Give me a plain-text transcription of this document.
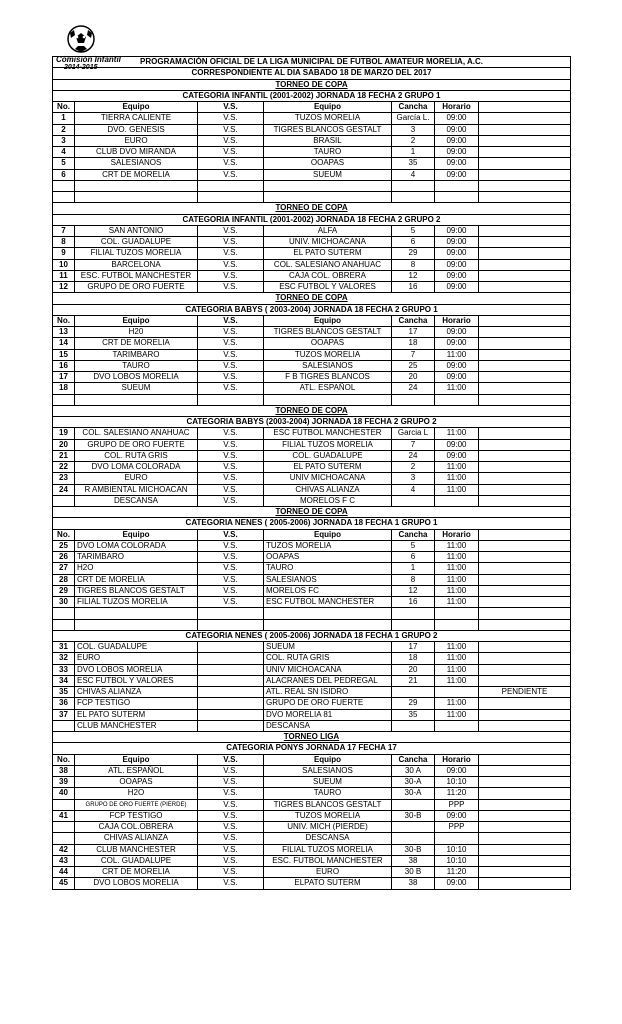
Comisión Infantil
2014-2015
PROGRAMACIÓN OFICIAL DE LA LIGA MUNICIPAL DE FUTBOL AMATEUR MORELIA, A.C.						
CORRESPONDIENTE AL DIA SABADO 18 DE MARZO DEL 2017						
TORNEO DE COPA						
CATEGORIA INFANTIL (2001-2002) JORNADA 18 FECHA 2 GRUPO 1						
No.	Equipo	V.S.	Equipo	Cancha	Horario	
1	TIERRA CALIENTE	V.S.	TUZOS MORELIA	García L.	09:00	
2	DVO. GENESIS	V.S.	TIGRES BLANCOS GESTALT	3	09:00	
3	EURO	V.S.	BRASIL	2	09:00	
4	CLUB DVO MIRANDA	V.S.	TAURO	1	09:00	
5	SALESIANOS	V.S.	OOAPAS	35	09:00	
6	CRT DE MORELIA	V.S.	SUEUM	4	09:00	

TORNEO DE COPA						
CATEGORIA INFANTIL (2001-2002) JORNADA 18 FECHA 2 GRUPO 2						
7	SAN ANTONIO	V.S.	ALFA	5	09:00	
8	COL. GUADALUPE	V.S.	UNIV. MICHOACANA	6	09:00	
9	FILIAL TUZOS MORELIA	V.S.	EL PATO SUTERM	29	09:00	
10	BARCELONA	V.S.	COL. SALESIANO ANAHUAC	8	09:00	
11	ESC. FUTBOL MANCHESTER	V.S.	CAJA COL. OBRERA	12	09:00	
12	GRUPO DE ORO FUERTE	V.S.	ESC FUTBOL Y VALORES	16	09:00	
TORNEO DE COPA						
CATEGORIA BABYS ( 2003-2004) JORNADA 18 FECHA 2 GRUPO 1						
No.	Equipo	V.S.	Equipo	Cancha	Horario	
13	H20	V.S.	TIGRES BLANCOS GESTALT	17	09:00	
14	CRT DE MORELIA	V.S.	OOAPAS	18	09:00	
15	TARIMBARO	V.S.	TUZOS MORELIA	7	11:00	
16	TAURO	V.S.	SALESIANOS	25	09:00	
17	DVO LOBOS MORELIA	V.S.	F B TIGRES BLANCOS	20	09:00	
18	SUEUM	V.S.	ATL. ESPAÑOL	24	11:00	

TORNEO DE COPA						
CATEGORIA BABYS (2003-2004) JORNADA 18 FECHA 2 GRUPO 2						
19	COL. SALESIANO ANAHUAC	V.S.	ESC FUTBOL MANCHESTER	Garcia L	11:00	
20	GRUPO DE ORO FUERTE	V.S.	FILIAL TUZOS MORELIA	7	09:00	
21	COL. RUTA GRIS	V.S.	COL. GUADALUPE	24	09:00	
22	DVO LOMA COLORADA	V.S.	EL PATO SUTERM	2	11:00	
23	EURO	V.S.	UNIV MICHOACANA	3	11:00	
24	R AMBIENTAL MICHOACAN	V.S.	CHIVAS ALIANZA	4	11:00	
	DESCANSA	V.S.	MORELOS F C			
TORNEO DE COPA						
CATEGORIA NENES ( 2005-2006) JORNADA 18 FECHA 1 GRUPO 1						
No.	Equipo	V.S.	Equipo	Cancha	Horario	
25	DVO LOMA COLORADA	V.S.	TUZOS MORELIA	5	11:00	
26	TARIMBARO	V.S.	OOAPAS	6	11:00	
27	H2O	V.S.	TAURO	1	11:00	
28	CRT DE MORELIA	V.S.	SALESIANOS	8	11:00	
29	TIGRES BLANCOS GESTALT	V.S.	MORELOS FC	12	11:00	
30	FILIAL TUZOS MORELIA	V.S.	ESC FUTBOL MANCHESTER	16	11:00	

CATEGORIA NENES ( 2005-2006) JORNADA 18 FECHA 1 GRUPO 2						
31	COL. GUADALUPE		SUEUM	17	11:00	
32	EURO		COL. RUTA GRIS	18	11:00	
33	DVO LOBOS MORELIA		UNIV MICHOACANA	20	11:00	
34	ESC FUTBOL Y VALORES		ALACRANES DEL PEDREGAL	21	11:00	
35	CHIVAS ALIANZA		ATL. REAL SN ISIDRO			PENDIENTE
36	FCP TESTIGO		GRUPO DE ORO FUERTE	29	11:00	
37	EL PATO SUTERM		DVO MORELIA 81	35	11:00	
	CLUB MANCHESTER		DESCANSA			
TORNEO LIGA						
CATEGORIA PONYS JORNADA 17 FECHA 17						
No.	Equipo	V.S.	Equipo	Cancha	Horario	
38	ATL. ESPAÑOL	V.S.	SALESIANOS	30 A	09:00	
39	OOAPAS	V.S.	SUEUM	30-A	10:10	
40	H2O	V.S.	TAURO	30-A	11:20	
	GRUPO DE ORO FUERTE (PIERDE)	V.S.	TIGRES BLANCOS GESTALT		PPP	
41	FCP TESTIGO	V.S.	TUZOS MORELIA	30-B	09:00	
	CAJA COL.OBRERA	V.S.	UNIV. MICH (PIERDE)		PPP	
	CHIVAS ALIANZA	V.S.	DESCANSA			
42	CLUB MANCHESTER	V.S.	FILIAL TUZOS MORELIA	30-B	10:10	
43	COL. GUADALUPE	V.S.	ESC. FUTBOL MANCHESTER	38	10:10	
44	CRT DE MORELIA	V.S.	EURO	30 B	11:20	
45	DVO LOBOS MORELIA	V.S.	ELPATO SUTERM	38	09:00	
